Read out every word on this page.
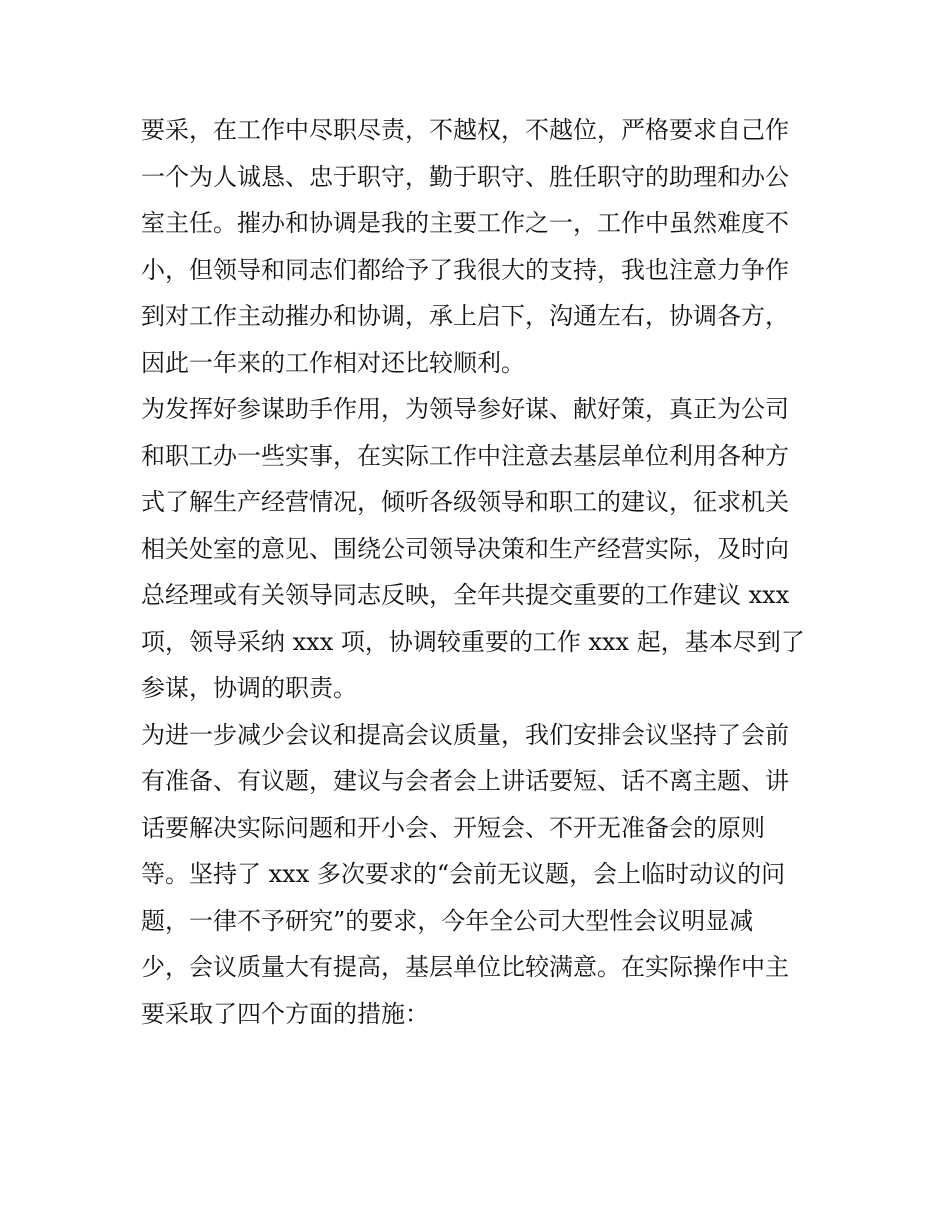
要采，在工作中尽职尽责，不越权，不越位，严格要求自己作
一个为人诚恳、忠于职守，勤于职守、胜任职守的助理和办公
室主任。摧办和协调是我的主要工作之一，工作中虽然难度不
小，但领导和同志们都给予了我很大的支持，我也注意力争作
到对工作主动摧办和协调，承上启下，沟通左右，协调各方，
因此一年来的工作相对还比较顺利。
为发挥好参谋助手作用，为领导参好谋、献好策，真正为公司
和职工办一些实事，在实际工作中注意去基层单位利用各种方
式了解生产经营情况，倾听各级领导和职工的建议，征求机关
相关处室的意见、围绕公司领导决策和生产经营实际，及时向
总经理或有关领导同志反映，全年共提交重要的工作建议 xxx
项，领导采纳 xxx 项，协调较重要的工作 xxx 起，基本尽到了
参谋，协调的职责。
为进一步减少会议和提高会议质量，我们安排会议坚持了会前
有准备、有议题，建议与会者会上讲话要短、话不离主题、讲
话要解决实际问题和开小会、开短会、不开无准备会的原则
等。坚持了 xxx 多次要求的“会前无议题，会上临时动议的问
题，一律不予研究”的要求，今年全公司大型性会议明显减
少，会议质量大有提高，基层单位比较满意。在实际操作中主
要采取了四个方面的措施：
